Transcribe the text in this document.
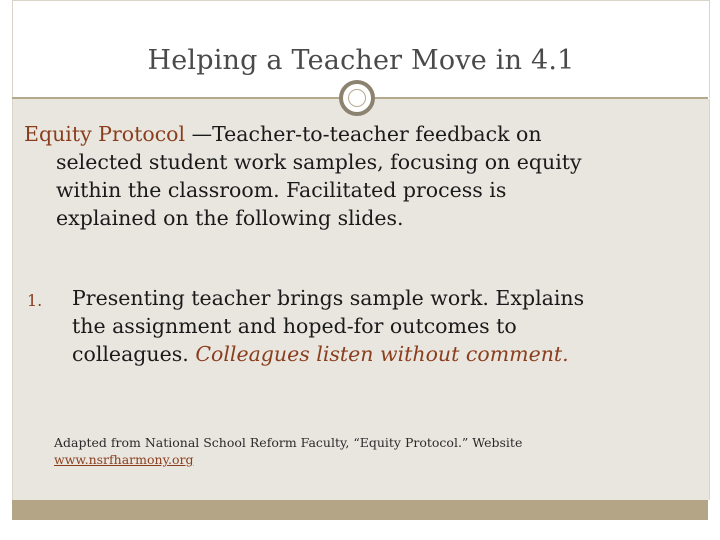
Helping a Teacher Move in 4.1
Equity Protocol —Teacher-to-teacher feedback on
selected student work samples, focusing on equity
within the classroom. Facilitated process is
explained on the following slides.
1. Presenting teacher brings sample work. Explains
the assignment and hoped-for outcomes to
colleagues. Colleagues listen without comment.
Adapted from National School Reform Faculty, “Equity Protocol.” Website
www.nsrfharmony.org
